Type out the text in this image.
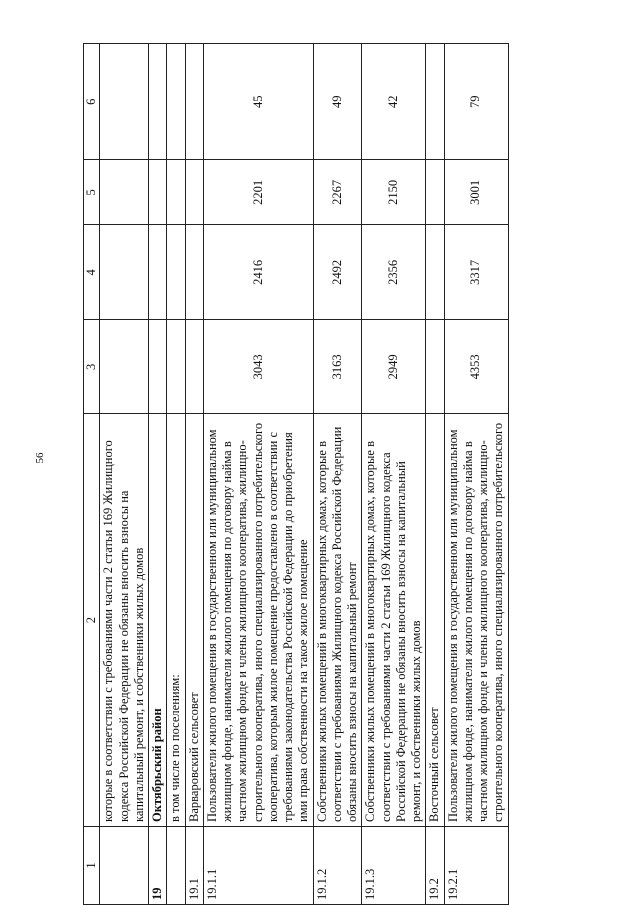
56
1	2	3	4	5	6
	которые в соответствии с требованиями части 2 статьи 169 Жилищного кодекса Российской Федерации не обязаны вносить взносы на капитальный ремонт, и собственники жилых домов				
19	Октябрьский район				
	в том числе по поселениям:				
19.1	Варваровский сельсовет				
19.1.1	Пользователи жилого помещения в государственном или муниципальном жилищном фонде, наниматели жилого помещения по договору найма в частном жилищном фонде и члены жилищного кооператива, жилищно-строительного кооператива, иного специализированного потребительского кооператива, которым жилое помещение предоставлено в соответствии с требованиями законодательства Российской Федерации до приобретения ими права собственности на такое жилое помещение	3043	2416	2201	45
19.1.2	Собственники жилых помещений в многоквартирных домах, которые в соответствии с требованиями Жилищного кодекса Российской Федерации обязаны вносить взносы на капитальный ремонт	3163	2492	2267	49
19.1.3	Собственники жилых помещений в многоквартирных домах, которые в соответствии с требованиями части 2 статьи 169 Жилищного кодекса Российской Федерации не обязаны вносить взносы на капитальный ремонт, и собственники жилых домов	2949	2356	2150	42
19.2	Восточный сельсовет				
19.2.1	Пользователи жилого помещения в государственном или муниципальном жилищном фонде, наниматели жилого помещения по договору найма в частном жилищном фонде и члены жилищного кооператива, жилищно-строительного кооператива, иного специализированного потребительского	4353	3317	3001	79
